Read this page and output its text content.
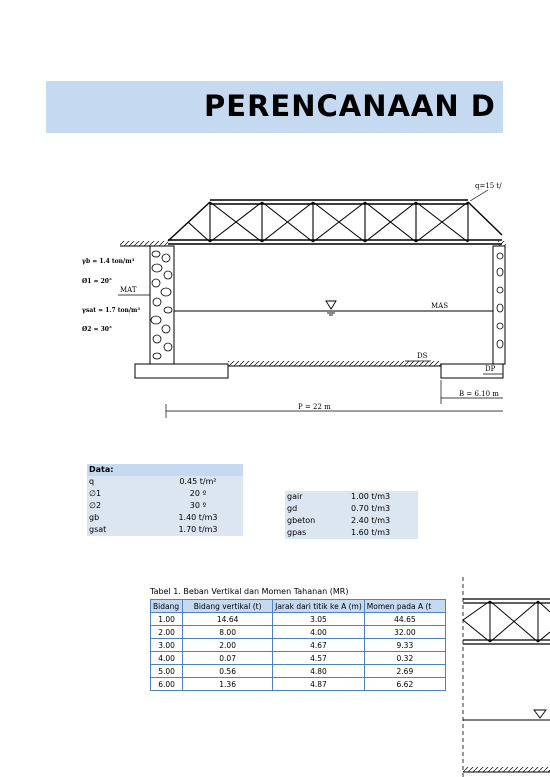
PERENCANAAN D
MAS
γb = 1.4 ton/m³
Ø1 = 20°
MAT
γsat = 1.7 ton/m³
Ø2 = 30°
DS
DP
q=15 t/
B = 6.10 m
P = 22 m
Data:	
q	0.45 t/m²
∅1	20 º
∅2	30 º
gb	1.40 t/m3
gsat	1.70 t/m3
gair	1.00 t/m3
gd	0.70 t/m3
gbeton	2.40 t/m3
gpas	1.60 t/m3
Tabel 1. Beban Vertikal dan Momen Tahanan (MR)
Bidang	Bidang vertikal (t)	Jarak dari titik ke A (m)	Momen pada A (t
1.00	14.64	3.05	44.65
2.00	8.00	4.00	32.00
3.00	2.00	4.67	9.33
4.00	0.07	4.57	0.32
5.00	0.56	4.80	2.69
6.00	1.36	4.87	6.62
